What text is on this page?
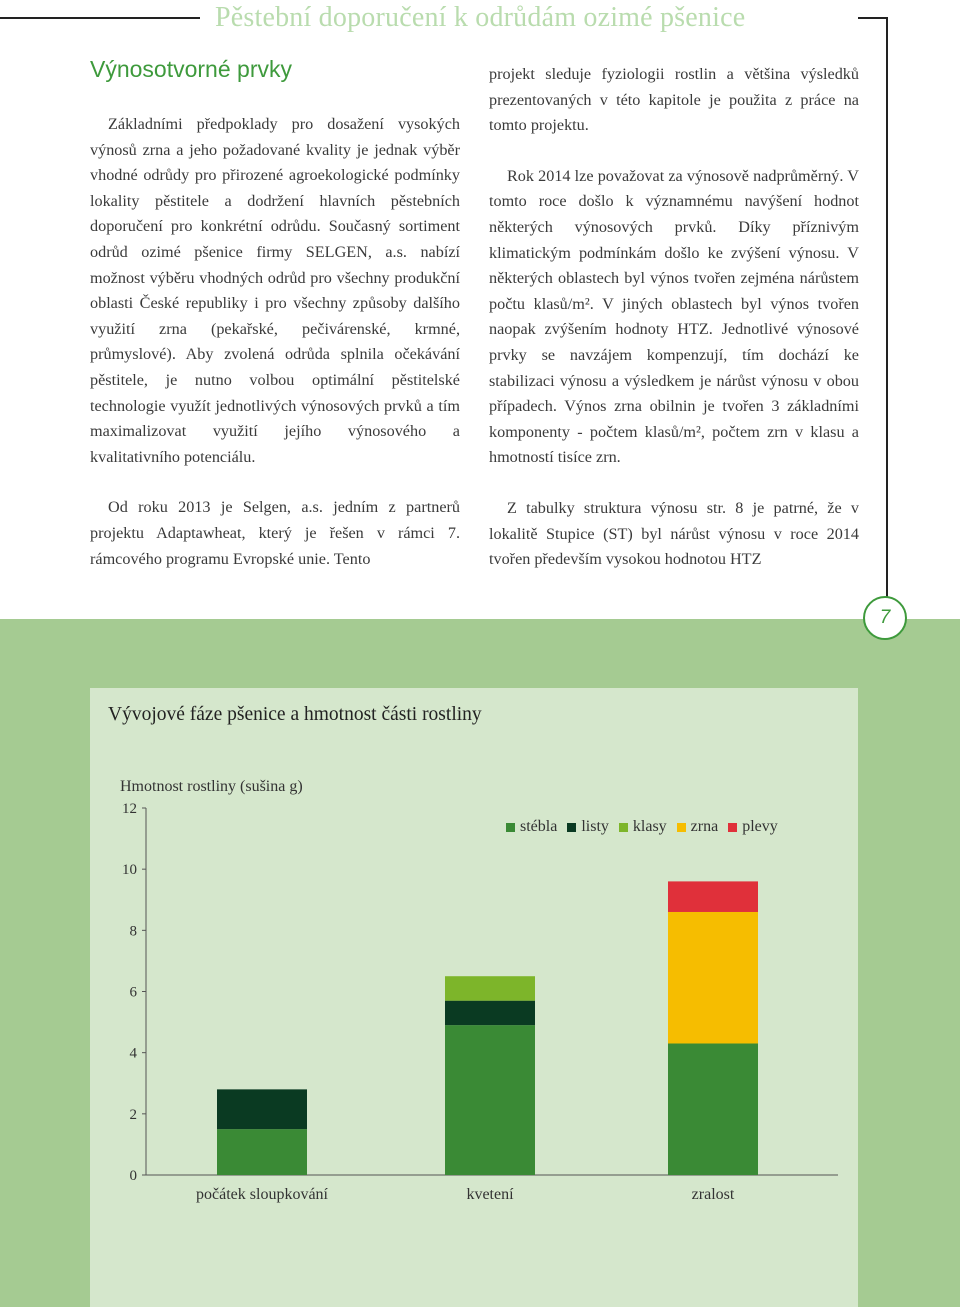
Pěstební doporučení k odrůdám ozimé pšenice
Výnosotvorné prvky

Základními předpoklady pro dosažení vysokých výnosů zrna a jeho požadované kvality je jednak výběr vhodné odrůdy pro přirozené agroekologické podmínky lokality pěstitele a dodržení hlavních pěstebních doporučení pro konkrétní odrůdu. Současný sortiment odrůd ozimé pšenice firmy SELGEN, a.s. nabízí možnost výběru vhodných odrůd pro všechny produkční oblasti České republiky i pro všechny způsoby dalšího využití zrna (pekařské, pečivárenské, krmné, průmyslové). Aby zvolená odrůda splnila očekávání pěstitele, je nutno volbou optimální pěstitelské technologie využít jednotlivých výnosových prvků a tím maximalizovat využití jejího výnosového a kvalitativního potenciálu.

Od roku 2013 je Selgen, a.s. jedním z partnerů projektu Adaptawheat, který je řešen v rámci 7. rámcového programu Evropské unie. Tento

projekt sleduje fyziologii rostlin a většina výsledků prezentovaných v této kapitole je použita z práce na tomto projektu.

Rok 2014 lze považovat za výnosově nadprůměrný. V tomto roce došlo k významnému navýšení hodnot některých výnosových prvků. Díky příznivým klimatickým podmínkám došlo ke zvýšení výnosu. V některých oblastech byl výnos tvořen zejména nárůstem počtu klasů/m². V jiných oblastech byl výnos tvořen naopak zvýšením hodnoty HTZ. Jednotlivé výnosové prvky se navzájem kompenzují, tím dochází ke stabilizaci výnosu a výsledkem je nárůst výnosu v obou případech. Výnos zrna obilnin je tvořen 3 základními komponenty - počtem klasů/m², počtem zrn v klasu a hmotností tisíce zrn.

Z tabulky struktura výnosu str. 8 je patrné, že v lokalitě Stupice (ST) byl nárůst výnosu v roce 2014 tvořen především vysokou hodnotou HTZ

7
Vývojové fáze pšenice a hmotnost části rostliny
Hmotnost rostliny (sušina g)
0
2
4
6
8
10
12
počátek sloupkování	kvetení	zralost
stébla listy klasy zrna plevy
